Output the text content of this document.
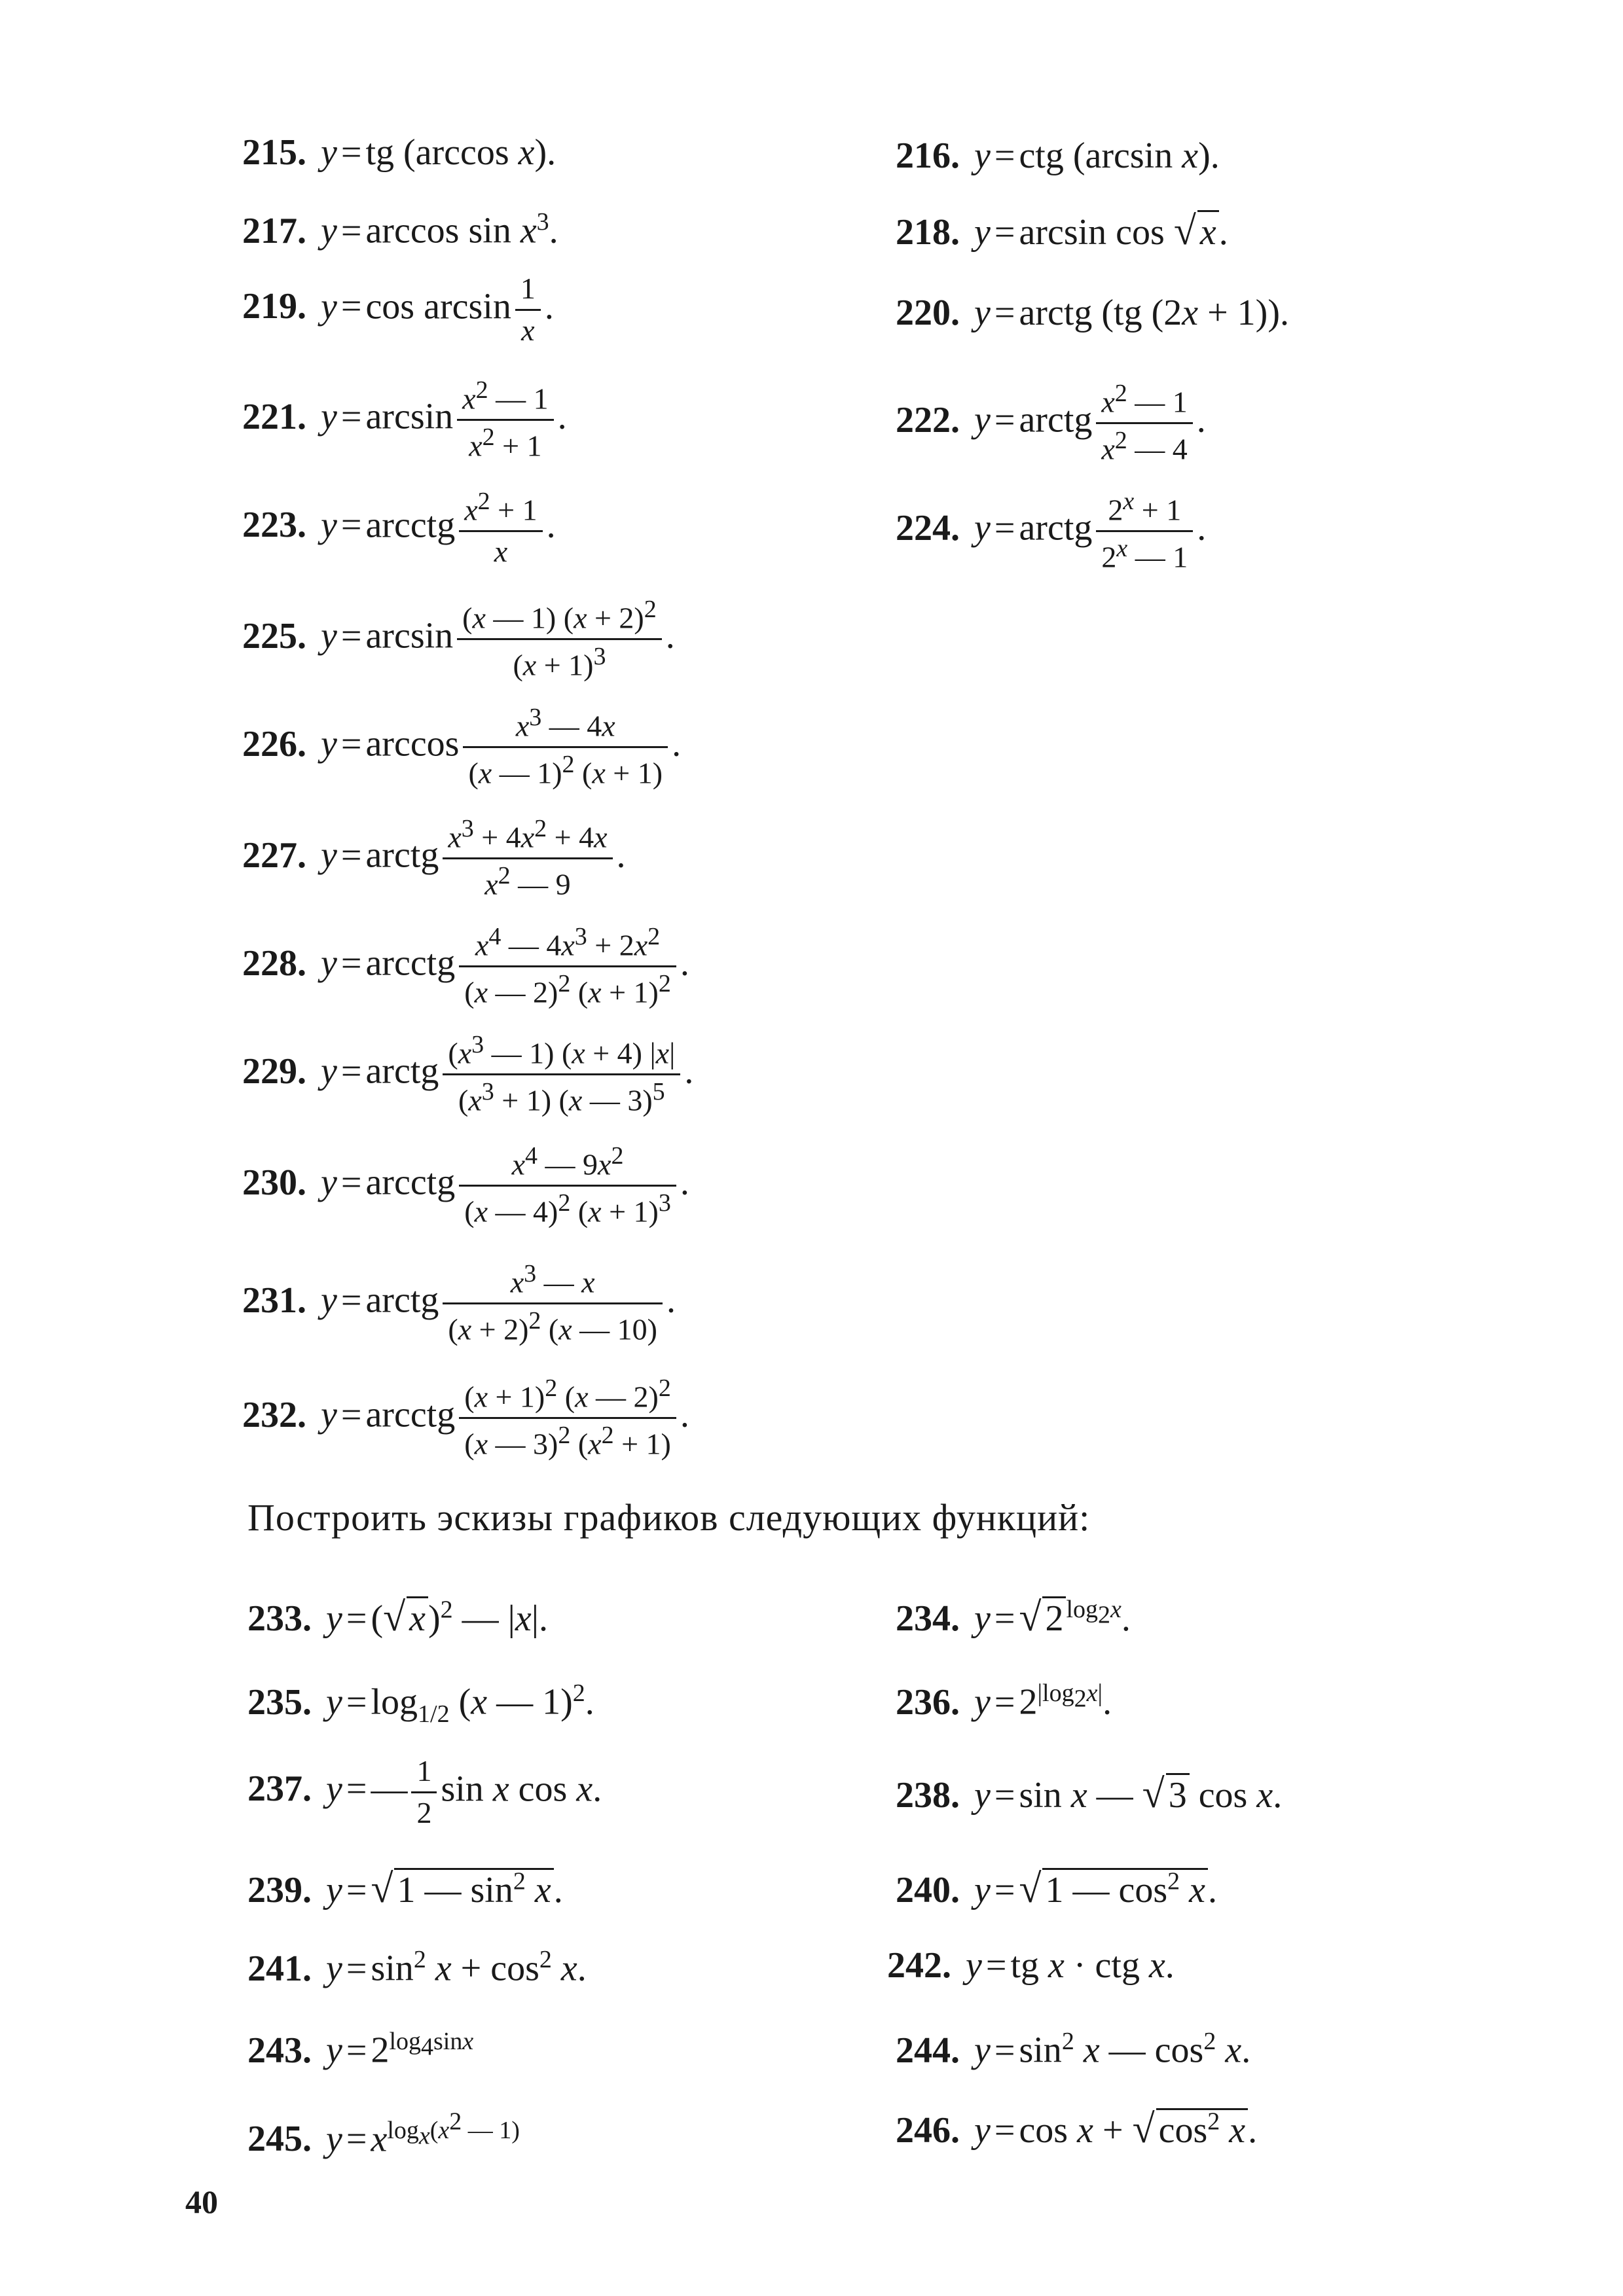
215. y = tg (arccos x).	216. y = ctg (arcsin x).
217. $y = \arccos \sin x^3$.	218. y = arcsin cos √ x.
219. $y = \cos \arcsin \frac{1}{x}$ .	220. y = arctg (tg (2x + 1)).
221. $y = \arcsin \frac{x^2 — 1}{x^2 + 1}$ .	222. y = arctg $\frac{x^2 — 1}{x^2 — 4}$ .
223. y = arcctg $\frac{x^2 + 1}{x}$ .	224. y = arctg $\frac{2^x + 1}{2^x — 1}$ .
225. $y = \arcsin \frac{(x — 1) (x + 2)^2}{(x + 1)^3}$ .
226. $y = \arccos \frac{x^3 — 4x}{(x — 1)^2 (x + 1)}$ .
227. y = arctg $\frac{x^3 + 4x^2 + 4x}{x^2 — 9}$ .
228. y = arcctg $\frac{x^4 — 4x^3 + 2x^2}{(x — 2)^2 (x + 1)^2}$ .
229. y = arctg $\frac{(x^3 — 1) (x + 4) |x|}{(x^3 + 1) (x — 3)^5}$ .
230. y = arcctg $\frac{x^4 — 9x^2}{(x — 4)^2 (x + 1)^3}$ .
231. y = arctg $\frac{x^3 — x}{(x + 2)^2 (x — 10)}$ .
232. y = arcctg $\frac{(x + 1)^2 (x — 2)^2}{(x — 3)^2 (x^2 + 1)}$ .
Построить эскизы графиков следующих функций:
233. y = (√ x)$^2$ — |x|.	234. y =√ 2 $^{log_2x}$.
235. $y = \log_{1/2} (x$ — 1)$^2$.	236. $y = 2^{|log_2x|}$.
237. y = — $\frac{1}{2}$ sin x cos x.	238. y = sin x — √ 3 cos x.
239. y =√ 1 — $\sin^2 x$.	240. y =√ 1 — $\cos^2 x$.
241. $y = \sin^2 x + \cos^2 x$.	242. y = tg x · ctg x.
243. $y = 2^{log_4sinx}$	244. $y = \sin^2 x$ — $\cos^2 x$.
245. $y = x^{log_x(x^2 — 1)}$	246. y = cos x + √ $\cos^2 x$.
40
